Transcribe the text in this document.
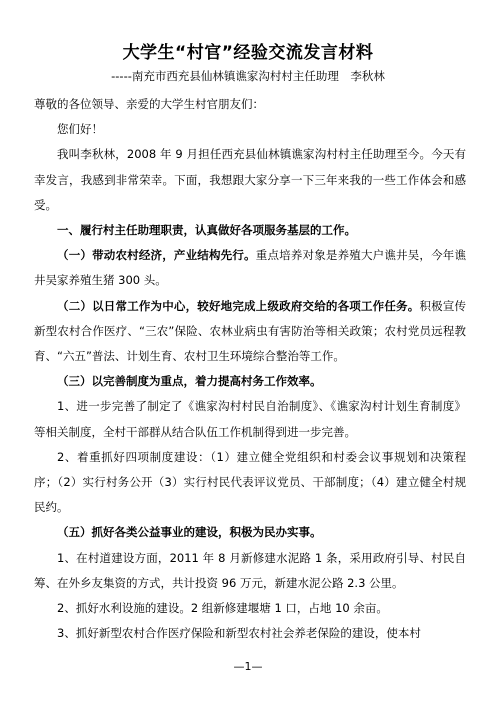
大学生“村官”经验交流发言材料
-----南充市西充县仙林镇谯家沟村村主任助理　李秋林

尊敬的各位领导、亲爱的大学生村官朋友们：

您们好！

我叫李秋林，2008 年 9 月担任西充县仙林镇谯家沟村村主任助理至今。今天有幸发言，我感到非常荣幸。下面，我想跟大家分享一下三年来我的一些工作体会和感受。

一、履行村主任助理职责，认真做好各项服务基层的工作。

（一）带动农村经济，产业结构先行。重点培养对象是养殖大户谯井吴，今年谯井吴家养殖生猪 300 头。

（二）以日常工作为中心，较好地完成上级政府交给的各项工作任务。积极宣传新型农村合作医疗、“三农”保险、农林业病虫有害防治等相关政策；农村党员远程教育、“六五”普法、计划生育、农村卫生环境综合整治等工作。

（三）以完善制度为重点，着力提高村务工作效率。

1、进一步完善了制定了《谯家沟村村民自治制度》、《谯家沟村计划生育制度》等相关制度，全村干部群从结合队伍工作机制得到进一步完善。

2、着重抓好四项制度建设：（1）建立健全党组织和村委会议事规划和决策程序；（2）实行村务公开（3）实行村民代表评议党员、干部制度；（4）建立健全村规民约。

（五）抓好各类公益事业的建设，积极为民办实事。

1、在村道建设方面，2011 年 8 月新修建水泥路 1 条，采用政府引导、村民自筹、在外乡友集资的方式，共计投资 96 万元，新建水泥公路 2.3 公里。

2、抓好水利设施的建设。2 组新修建堰塘 1 口，占地 10 余亩。

3、抓好新型农村合作医疗保险和新型农村社会养老保险的建设，使本村

—1—
